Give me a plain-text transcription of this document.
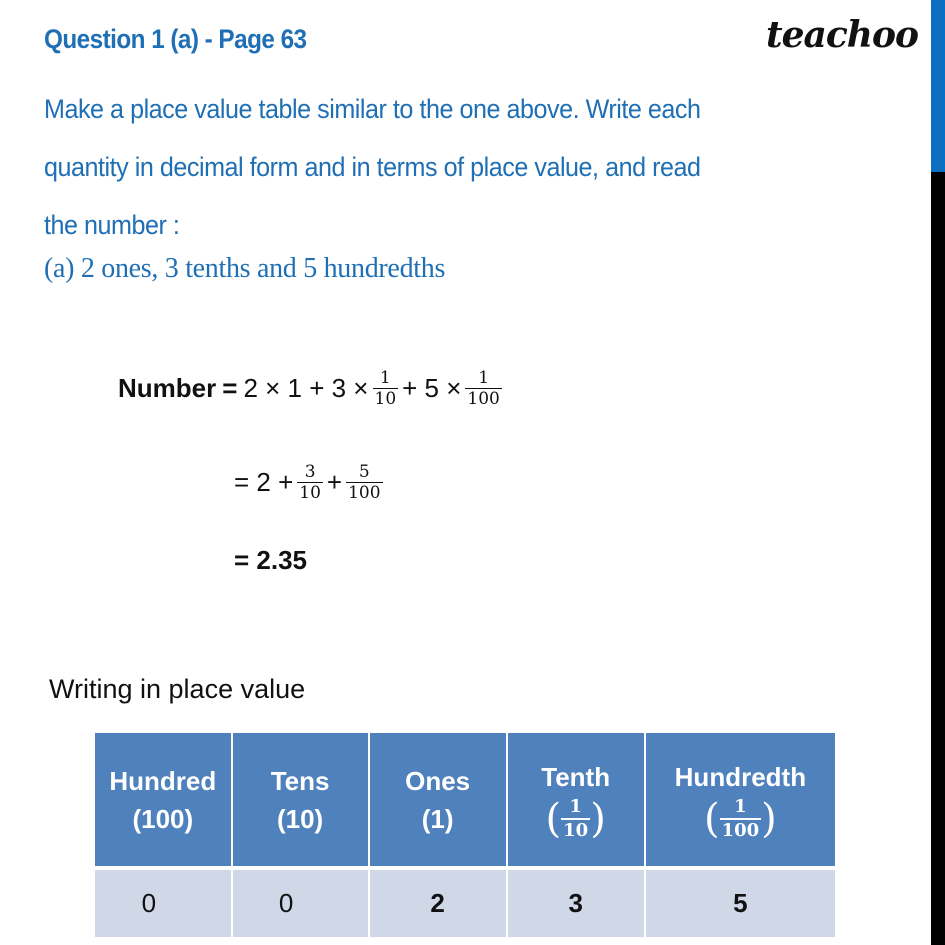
Question 1 (a) - Page 63	teachoo
Make a place value table similar to the one above. Write each
quantity in decimal form and in terms of place value, and read
the number :
(a) 2 ones, 3 tenths and 5 hundredths
Number = $2 \times 1 + 3 \times \frac{1}{10} + 5 \times \frac{1}{100}$
= $2 + \frac{3}{10} + \frac{5}{100}$
= 2.35
Writing in place value
Hundred
(100)

Tens
(10)

Ones
(1)

Tenth
( $\frac{1}{10}$ )

Hundredth
( $\frac{1}{100}$ )

0	0	2	3	5
